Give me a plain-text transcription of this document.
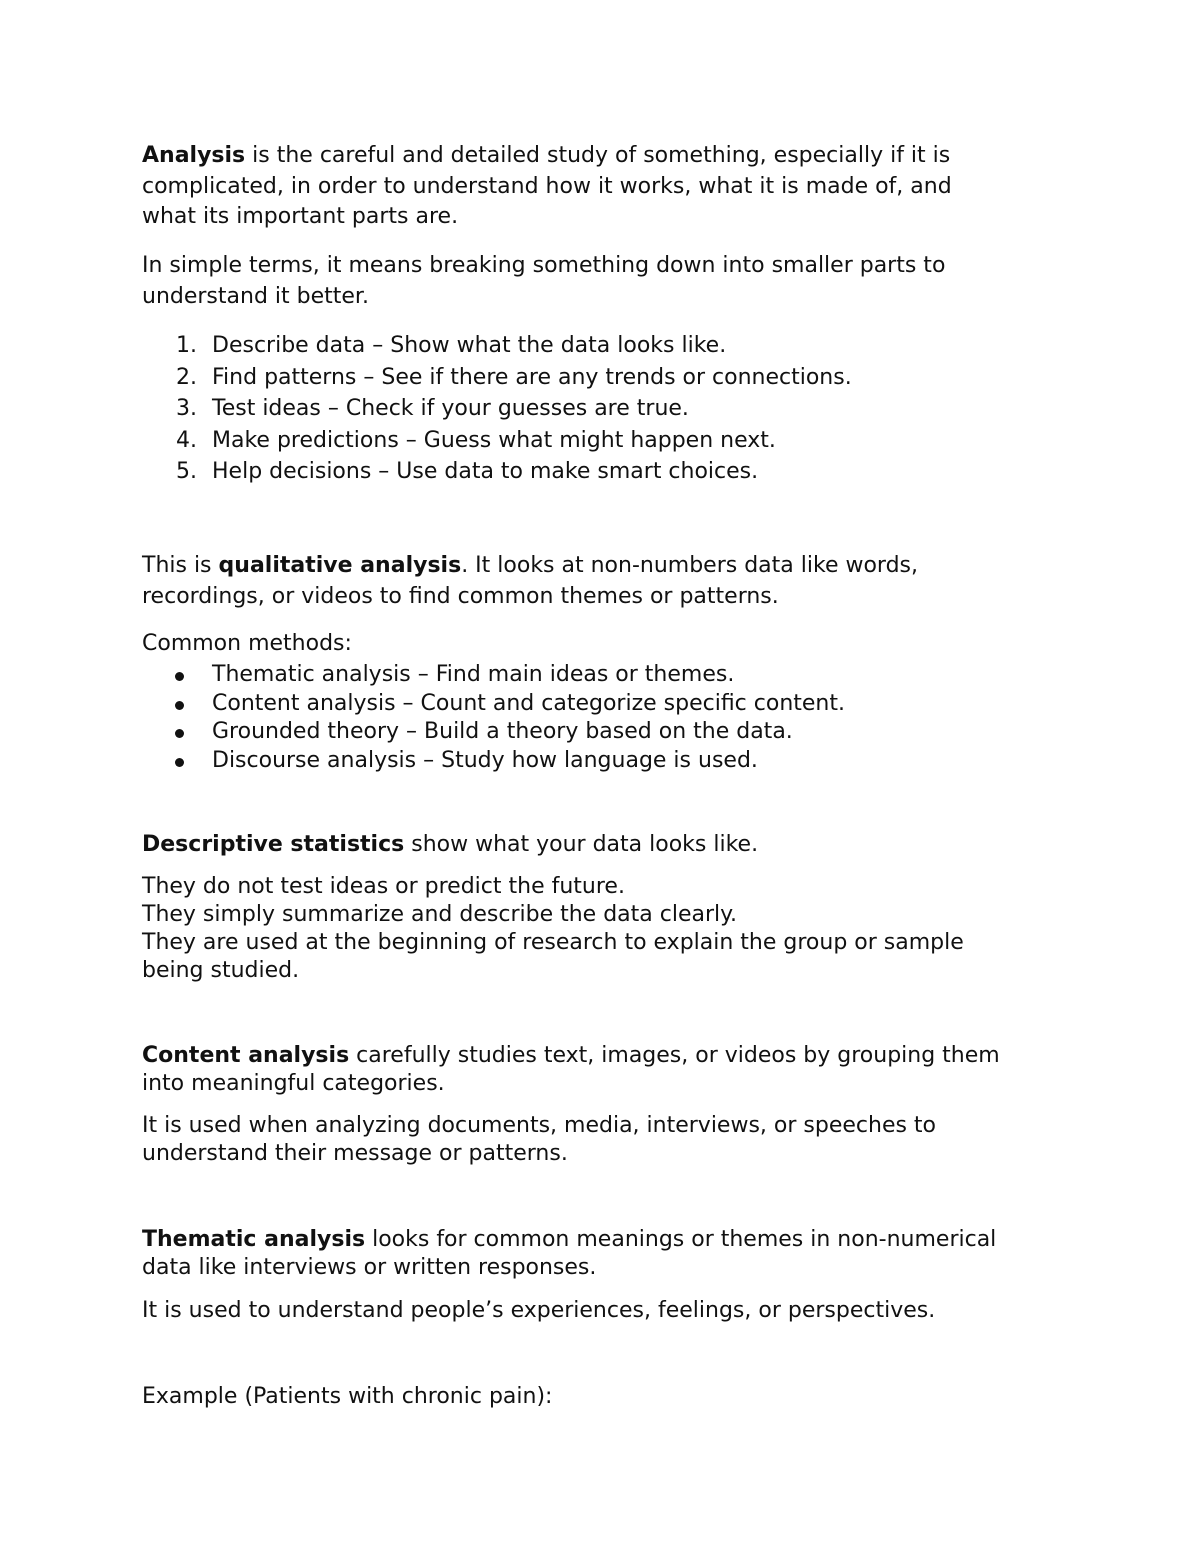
Analysis is the careful and detailed study of something, especially if it is
complicated, in order to understand how it works, what it is made of, and
what its important parts are.

In simple terms, it means breaking something down into smaller parts to
understand it better.

1. Describe data – Show what the data looks like.
2. Find patterns – See if there are any trends or connections.
3. Test ideas – Check if your guesses are true.
4. Make predictions – Guess what might happen next.
5. Help decisions – Use data to make smart choices.

This is qualitative analysis. It looks at non-numbers data like words,
recordings, or videos to find common themes or patterns.

Common methods:

Thematic analysis – Find main ideas or themes.
Content analysis – Count and categorize specific content.
Grounded theory – Build a theory based on the data.
Discourse analysis – Study how language is used.

Descriptive statistics show what your data looks like.

They do not test ideas or predict the future.
They simply summarize and describe the data clearly.
They are used at the beginning of research to explain the group or sample
being studied.

Content analysis carefully studies text, images, or videos by grouping them
into meaningful categories.

It is used when analyzing documents, media, interviews, or speeches to
understand their message or patterns.

Thematic analysis looks for common meanings or themes in non-numerical
data like interviews or written responses.

It is used to understand people’s experiences, feelings, or perspectives.

Example (Patients with chronic pain):
